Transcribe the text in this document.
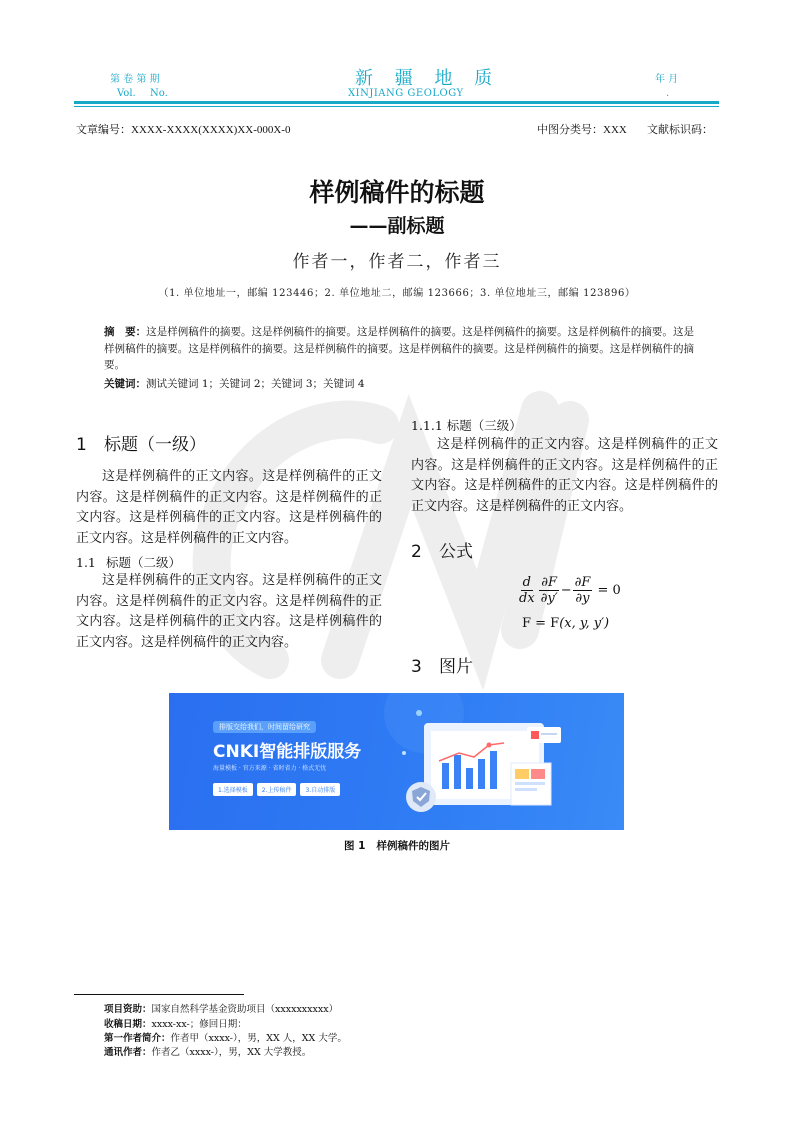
第 卷 第 期
Vol. No.
新 疆 地 质
XINJIANG GEOLOGY
年 月
.
文章编号：XXXX-XXXX(XXXX)XX-000X-0	中图分类号：XXX 文献标识码：
样例稿件的标题
——副标题
作者一，作者二，作者三
（1. 单位地址一，邮编 123446；2. 单位地址二，邮编 123666；3. 单位地址三，邮编 123896）
摘　要：这是样例稿件的摘要。这是样例稿件的摘要。这是样例稿件的摘要。这是样例稿件的摘要。这是样例稿件的摘要。这是样例稿件的摘要。这是样例稿件的摘要。这是样例稿件的摘要。这是样例稿件的摘要。这是样例稿件的摘要。这是样例稿件的摘要。
关键词：测试关键词 1；关键词 2；关键词 3；关键词 4
1 标题（一级）
这是样例稿件的正文内容。这是样例稿件的正文内容。这是样例稿件的正文内容。这是样例稿件的正文内容。这是样例稿件的正文内容。这是样例稿件的正文内容。这是样例稿件的正文内容。
1.1 标题（二级）
这是样例稿件的正文内容。这是样例稿件的正文内容。这是样例稿件的正文内容。这是样例稿件的正文内容。这是样例稿件的正文内容。这是样例稿件的正文内容。这是样例稿件的正文内容。
1.1.1 标题（三级）
这是样例稿件的正文内容。这是样例稿件的正文内容。这是样例稿件的正文内容。这是样例稿件的正文内容。这是样例稿件的正文内容。这是样例稿件的正文内容。这是样例稿件的正文内容。
2 公式
$\frac{d}{dx} \frac{\partial F}{\partial y'} - \frac{\partial F}{\partial y} = 0$
F = F(x, y, y′)
3 图片
排版交给我们，时间留给研究
CNKI智能排版服务
海量模板 · 官方来源 · 省时省力 · 格式无忧
1.选择模板	2.上传稿件	3.自动排版
图 1 样例稿件的图片
项目资助：国家自然科学基金资助项目（xxxxxxxxxx）
收稿日期：xxxx-xx-；修回日期：
第一作者简介：作者甲（xxxx-），男，XX 人，XX 大学。
通讯作者：作者乙（xxxx-），男，XX 大学教授。
